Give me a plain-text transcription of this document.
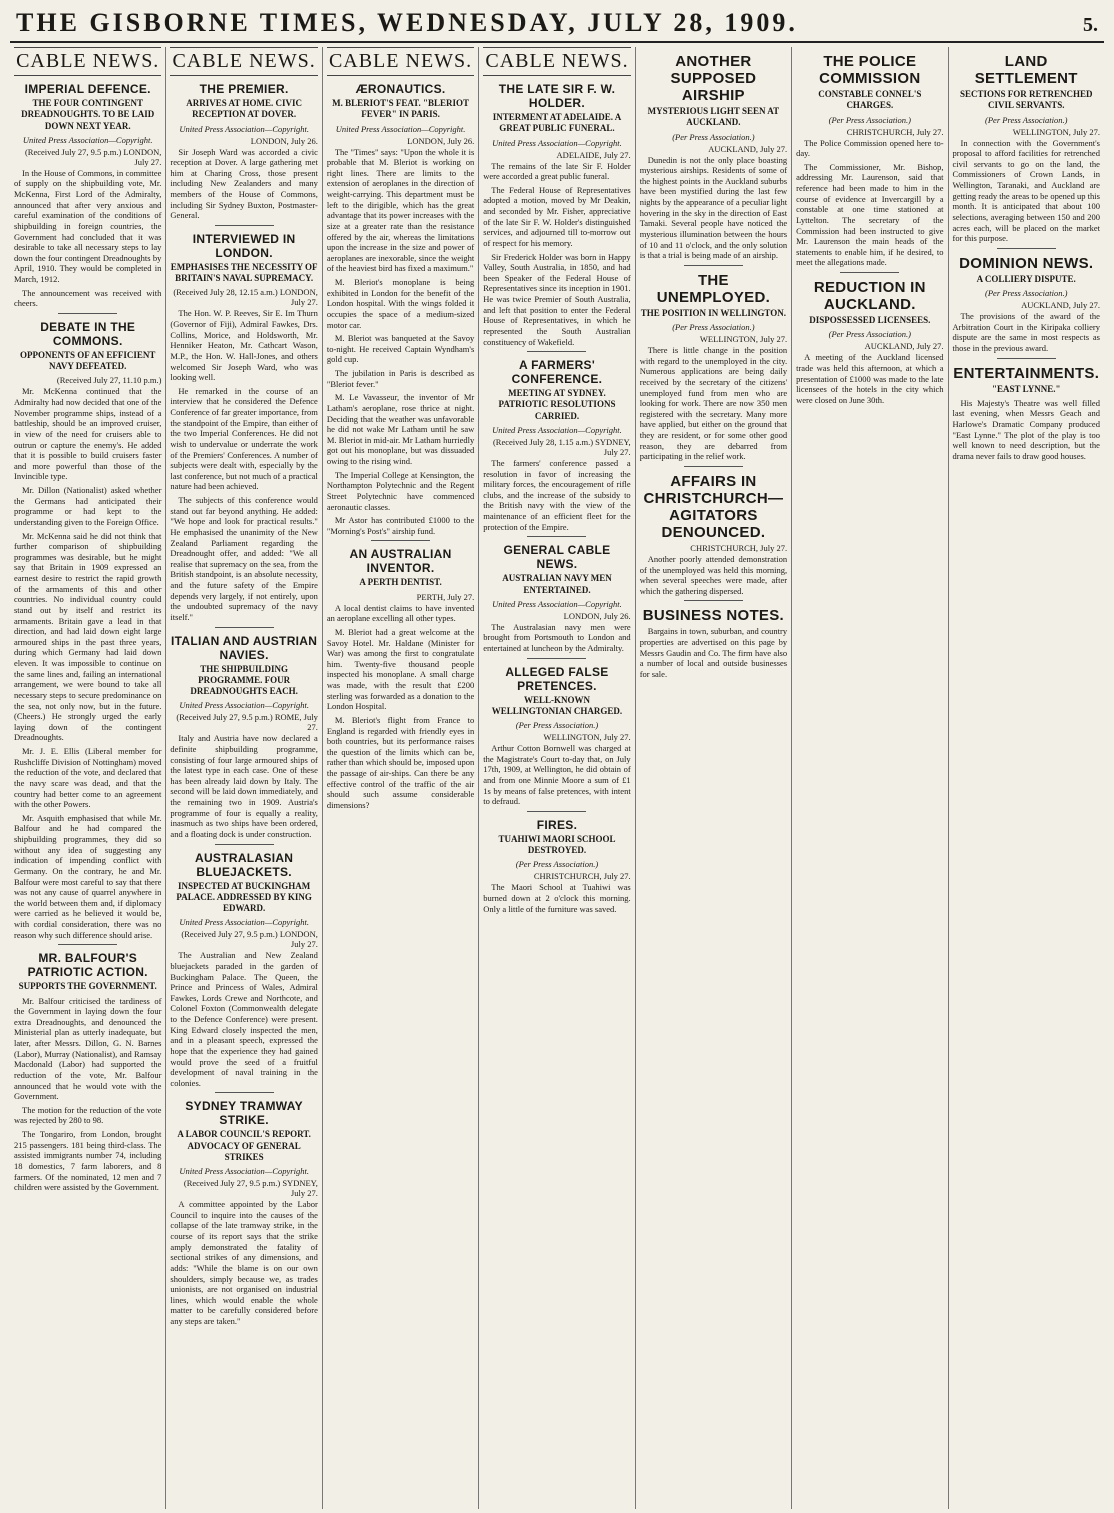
THE GISBORNE TIMES, WEDNESDAY, JULY 28, 1909.	5.
CABLE NEWS.
IMPERIAL DEFENCE.
THE FOUR CONTINGENT DREADNOUGHTS. TO BE LAID DOWN NEXT YEAR.
United Press Association—Copyright.
(Received July 27, 9.5 p.m.) LONDON, July 27.

In the House of Commons, in committee of supply on the shipbuilding vote, Mr. McKenna, First Lord of the Admiralty, announced that after very anxious and careful examination of the conditions of shipbuilding in foreign countries, the Government had concluded that it was desirable to take all necessary steps to lay down the four contingent Dreadnoughts by April, 1910. They would be completed in March, 1912.

The announcement was received with cheers.

DEBATE IN THE COMMONS.
OPPONENTS OF AN EFFICIENT NAVY DEFEATED.
(Received July 27, 11.10 p.m.)

Mr. McKenna continued that the Admiralty had now decided that one of the November programme ships, instead of a battleship, should be an improved cruiser, in view of the need for cruisers able to outrun or capture the enemy's. He added that it is possible to build cruisers faster and more powerful than those of the Invincible type.

Mr. Dillon (Nationalist) asked whether the Germans had anticipated their programme or had kept to the understanding given to the Foreign Office.

Mr. McKenna said he did not think that further comparison of shipbuilding programmes was desirable, but he might say that Britain in 1909 expressed an earnest desire to restrict the rapid growth of the armaments of this and other countries. No individual country could stand out by itself and restrict its armaments. Britain gave a lead in that direction, and had laid down eight large armoured ships in the past three years, during which Germany had laid down eleven. It was impossible to continue on the same lines and, failing an international arrangement, we were bound to take all necessary steps to secure predominance on the sea, not only now, but in the future. (Cheers.) He strongly urged the early laying down of the contingent Dreadnoughts.

Mr. J. E. Ellis (Liberal member for Rushcliffe Division of Nottingham) moved the reduction of the vote, and declared that the navy scare was dead, and that the country had better come to an agreement with the other Powers.

Mr. Asquith emphasised that while Mr. Balfour and he had compared the shipbuilding programmes, they did so without any idea of suggesting any indication of impending conflict with Germany. On the contrary, he and Mr. Balfour were most careful to say that there was not any cause of quarrel anywhere in the world between them and, if diplomacy were carried as he believed it would be, with cordial consideration, there was no reason why such difference should arise.

MR. BALFOUR'S PATRIOTIC ACTION.
SUPPORTS THE GOVERNMENT.

Mr. Balfour criticised the tardiness of the Government in laying down the four extra Dreadnoughts, and denounced the Ministerial plan as utterly inadequate, but later, after Messrs. Dillon, G. N. Barnes (Labor), Murray (Nationalist), and Ramsay Macdonald (Labor) had supported the reduction of the vote, Mr. Balfour announced that he would vote with the Government.

The motion for the reduction of the vote was rejected by 280 to 98.

The Tongariro, from London, brought 215 passengers. 181 being third-class. The assisted immigrants number 74, including 18 domestics, 7 farm laborers, and 8 farmers. Of the nominated, 12 men and 7 children were assisted by the Government.

CABLE NEWS.
THE PREMIER.
ARRIVES AT HOME. CIVIC RECEPTION AT DOVER.
United Press Association—Copyright.
LONDON, July 26.

Sir Joseph Ward was accorded a civic reception at Dover. A large gathering met him at Charing Cross, those present including New Zealanders and many members of the House of Commons, including Sir Sydney Buxton, Postmaster-General.

INTERVIEWED IN LONDON.
EMPHASISES THE NECESSITY OF BRITAIN'S NAVAL SUPREMACY.
(Received July 28, 12.15 a.m.) LONDON, July 27.

The Hon. W. P. Reeves, Sir E. Im Thurn (Governor of Fiji), Admiral Fawkes, Drs. Collins, Morice, and Holdsworth, Mr. Henniker Heaton, Mr. Cathcart Wason, M.P., the Hon. W. Hall-Jones, and others welcomed Sir Joseph Ward, who was looking well.

He remarked in the course of an interview that he considered the Defence Conference of far greater importance, from the standpoint of the Empire, than either of the two Imperial Conferences. He did not wish to undervalue or underrate the work of the Premiers' Conferences. A number of subjects were dealt with, especially by the last conference, but not much of a practical nature had been achieved.

The subjects of this conference would stand out far beyond anything. He added: "We hope and look for practical results." He emphasised the unanimity of the New Zealand Parliament regarding the Dreadnought offer, and added: "We all realise that supremacy on the sea, from the British standpoint, is an absolute necessity, and the future safety of the Empire depends very largely, if not entirely, upon the undoubted supremacy of the navy itself."

ITALIAN AND AUSTRIAN NAVIES.
THE SHIPBUILDING PROGRAMME. FOUR DREADNOUGHTS EACH.
United Press Association—Copyright.
(Received July 27, 9.5 p.m.) ROME, July 27.

Italy and Austria have now declared a definite shipbuilding programme, consisting of four large armoured ships of the latest type in each case. One of these has been already laid down by Italy. The second will be laid down immediately, and the remaining two in 1909. Austria's programme of four is equally a reality, inasmuch as two ships have been ordered, and a floating dock is under construction.

AUSTRALASIAN BLUEJACKETS.
INSPECTED AT BUCKINGHAM PALACE. ADDRESSED BY KING EDWARD.
United Press Association—Copyright.
(Received July 27, 9.5 p.m.) LONDON, July 27.

The Australian and New Zealand bluejackets paraded in the garden of Buckingham Palace. The Queen, the Prince and Princess of Wales, Admiral Fawkes, Lords Crewe and Northcote, and Colonel Foxton (Commonwealth delegate to the Defence Conference) were present. King Edward closely inspected the men, and in a pleasant speech, expressed the hope that the experience they had gained would prove the seed of a fruitful development of naval training in the colonies.

SYDNEY TRAMWAY STRIKE.
A LABOR COUNCIL'S REPORT. ADVOCACY OF GENERAL STRIKES
United Press Association—Copyright.
(Received July 27, 9.5 p.m.) SYDNEY, July 27.

A committee appointed by the Labor Council to inquire into the causes of the collapse of the late tramway strike, in the course of its report says that the strike amply demonstrated the fatality of sectional strikes of any dimensions, and adds: "While the blame is on our own shoulders, simply because we, as trades unionists, are not organised on industrial lines, which would enable the whole matter to be carefully considered before any steps are taken."

CABLE NEWS.
ÆRONAUTICS.
M. BLERIOT'S FEAT. "BLERIOT FEVER" IN PARIS.
United Press Association—Copyright.
LONDON, July 26.

The "Times" says: "Upon the whole it is probable that M. Bleriot is working on right lines. There are limits to the extension of aeroplanes in the direction of weight-carrying. This department must be left to the dirigible, which has the great advantage that its power increases with the size at a greater rate than the resistance offered by the air, whereas the limitations upon the increase in the size and power of aeroplanes are inexorable, since the weight of the heaviest bird has fixed a maximum."

M. Bleriot's monoplane is being exhibited in London for the benefit of the London hospital. With the wings folded it occupies the space of a medium-sized motor car.

M. Bleriot was banqueted at the Savoy to-night. He received Captain Wyndham's gold cup.

The jubilation in Paris is described as "Bleriot fever."

M. Le Vavasseur, the inventor of Mr Latham's aeroplane, rose thrice at night. Deciding that the weather was unfavorable he did not wake Mr Latham until he saw M. Bleriot in mid-air. Mr Latham hurriedly got out his monoplane, but was dissuaded owing to the rising wind.

The Imperial College at Kensington, the Northampton Polytechnic and the Regent Street Polytechnic have commenced aeronautic classes.

Mr Astor has contributed £1000 to the "Morning's Post's" airship fund.

AN AUSTRALIAN INVENTOR.
A PERTH DENTIST.
PERTH, July 27.

A local dentist claims to have invented an aeroplane excelling all other types.

M. Bleriot had a great welcome at the Savoy Hotel. Mr. Haldane (Minister for War) was among the first to congratulate him. Twenty-five thousand people inspected his monoplane. A small charge was made, with the result that £200 sterling was forwarded as a donation to the London Hospital.

M. Bleriot's flight from France to England is regarded with friendly eyes in both countries, but its performance raises the question of the limits which can be, rather than which should be, imposed upon the passage of air-ships. Can there be any effective control of the traffic of the air should such assume considerable dimensions?

CABLE NEWS.
THE LATE SIR F. W. HOLDER.
INTERMENT AT ADELAIDE. A GREAT PUBLIC FUNERAL.
United Press Association—Copyright.
ADELAIDE, July 27.

The remains of the late Sir F. Holder were accorded a great public funeral.

The Federal House of Representatives adopted a motion, moved by Mr Deakin, and seconded by Mr. Fisher, appreciative of the late Sir F. W. Holder's distinguished services, and adjourned till to-morrow out of respect for his memory.

Sir Frederick Holder was born in Happy Valley, South Australia, in 1850, and had been Speaker of the Federal House of Representatives since its inception in 1901. He was twice Premier of South Australia, and left that position to enter the Federal House of Representatives, in which he represented the South Australian constituency of Wakefield.

A FARMERS' CONFERENCE.
MEETING AT SYDNEY. PATRIOTIC RESOLUTIONS CARRIED.
United Press Association—Copyright.
(Received July 28, 1.15 a.m.) SYDNEY, July 27.

The farmers' conference passed a resolution in favor of increasing the military forces, the encouragement of rifle clubs, and the increase of the subsidy to the British navy with the view of the maintenance of an efficient fleet for the protection of the Empire.

GENERAL CABLE NEWS.
AUSTRALIAN NAVY MEN ENTERTAINED.
United Press Association—Copyright.
LONDON, July 26.

The Australasian navy men were brought from Portsmouth to London and entertained at luncheon by the Admiralty.

ALLEGED FALSE PRETENCES.
WELL-KNOWN WELLINGTONIAN CHARGED.
(Per Press Association.)
WELLINGTON, July 27.

Arthur Cotton Bornwell was charged at the Magistrate's Court to-day that, on July 17th, 1909, at Wellington, he did obtain of and from one Minnie Moore a sum of £1 1s by means of false pretences, with intent to defraud.

FIRES.
TUAHIWI MAORI SCHOOL DESTROYED.
(Per Press Association.)
CHRISTCHURCH, July 27.

The Maori School at Tuahiwi was burned down at 2 o'clock this morning. Only a little of the furniture was saved.

ANOTHER SUPPOSED AIRSHIP
MYSTERIOUS LIGHT SEEN AT AUCKLAND.
(Per Press Association.)
AUCKLAND, July 27.

Dunedin is not the only place boasting mysterious airships. Residents of some of the highest points in the Auckland suburbs have been mystified during the last few nights by the appearance of a peculiar light hovering in the sky in the direction of East Tamaki. Several people have noticed the mysterious illumination between the hours of 10 and 11 o'clock, and the only solution is that a trial is being made of an airship.

THE UNEMPLOYED.
THE POSITION IN WELLINGTON.
(Per Press Association.)
WELLINGTON, July 27.

There is little change in the position with regard to the unemployed in the city. Numerous applications are being daily received by the secretary of the citizens' unemployed fund from men who are looking for work. There are now 350 men registered with the secretary. Many more have applied, but either on the ground that they are resident, or for some other good reason, they are debarred from participating in the relief work.

AFFAIRS IN CHRISTCHURCH—AGITATORS DENOUNCED.
CHRISTCHURCH, July 27.

Another poorly attended demonstration of the unemployed was held this morning, when several speeches were made, after which the gathering dispersed.

BUSINESS NOTES.

Bargains in town, suburban, and country properties are advertised on this page by Messrs Gaudin and Co. The firm have also a number of local and outside businesses for sale.

THE POLICE COMMISSION
CONSTABLE CONNEL'S CHARGES.
(Per Press Association.)
CHRISTCHURCH, July 27.

The Police Commission opened here to-day.

The Commissioner, Mr. Bishop, addressing Mr. Laurenson, said that reference had been made to him in the course of evidence at Invercargill by a constable at one time stationed at Lyttelton. The secretary of the Commission had been instructed to give Mr. Laurenson the main heads of the statements to enable him, if he desired, to meet the allegations made.

REDUCTION IN AUCKLAND.
DISPOSSESSED LICENSEES.
(Per Press Association.)
AUCKLAND, July 27.

A meeting of the Auckland licensed trade was held this afternoon, at which a presentation of £1000 was made to the late licensees of the hotels in the city which were closed on June 30th.

LAND SETTLEMENT
SECTIONS FOR RETRENCHED CIVIL SERVANTS.
(Per Press Association.)
WELLINGTON, July 27.

In connection with the Government's proposal to afford facilities for retrenched civil servants to go on the land, the Commissioners of Crown Lands, in Wellington, Taranaki, and Auckland are getting ready the areas to be opened up this month. It is anticipated that about 100 selections, averaging between 150 and 200 acres each, will be placed on the market for this purpose.

DOMINION NEWS.
A COLLIERY DISPUTE.
(Per Press Association.)
AUCKLAND, July 27.

The provisions of the award of the Arbitration Court in the Kiripaka colliery dispute are the same in most respects as those in the previous award.

ENTERTAINMENTS.
"EAST LYNNE."

His Majesty's Theatre was well filled last evening, when Messrs Geach and Harlowe's Dramatic Company produced "East Lynne." The plot of the play is too well known to need description, but the drama never fails to draw good houses.
